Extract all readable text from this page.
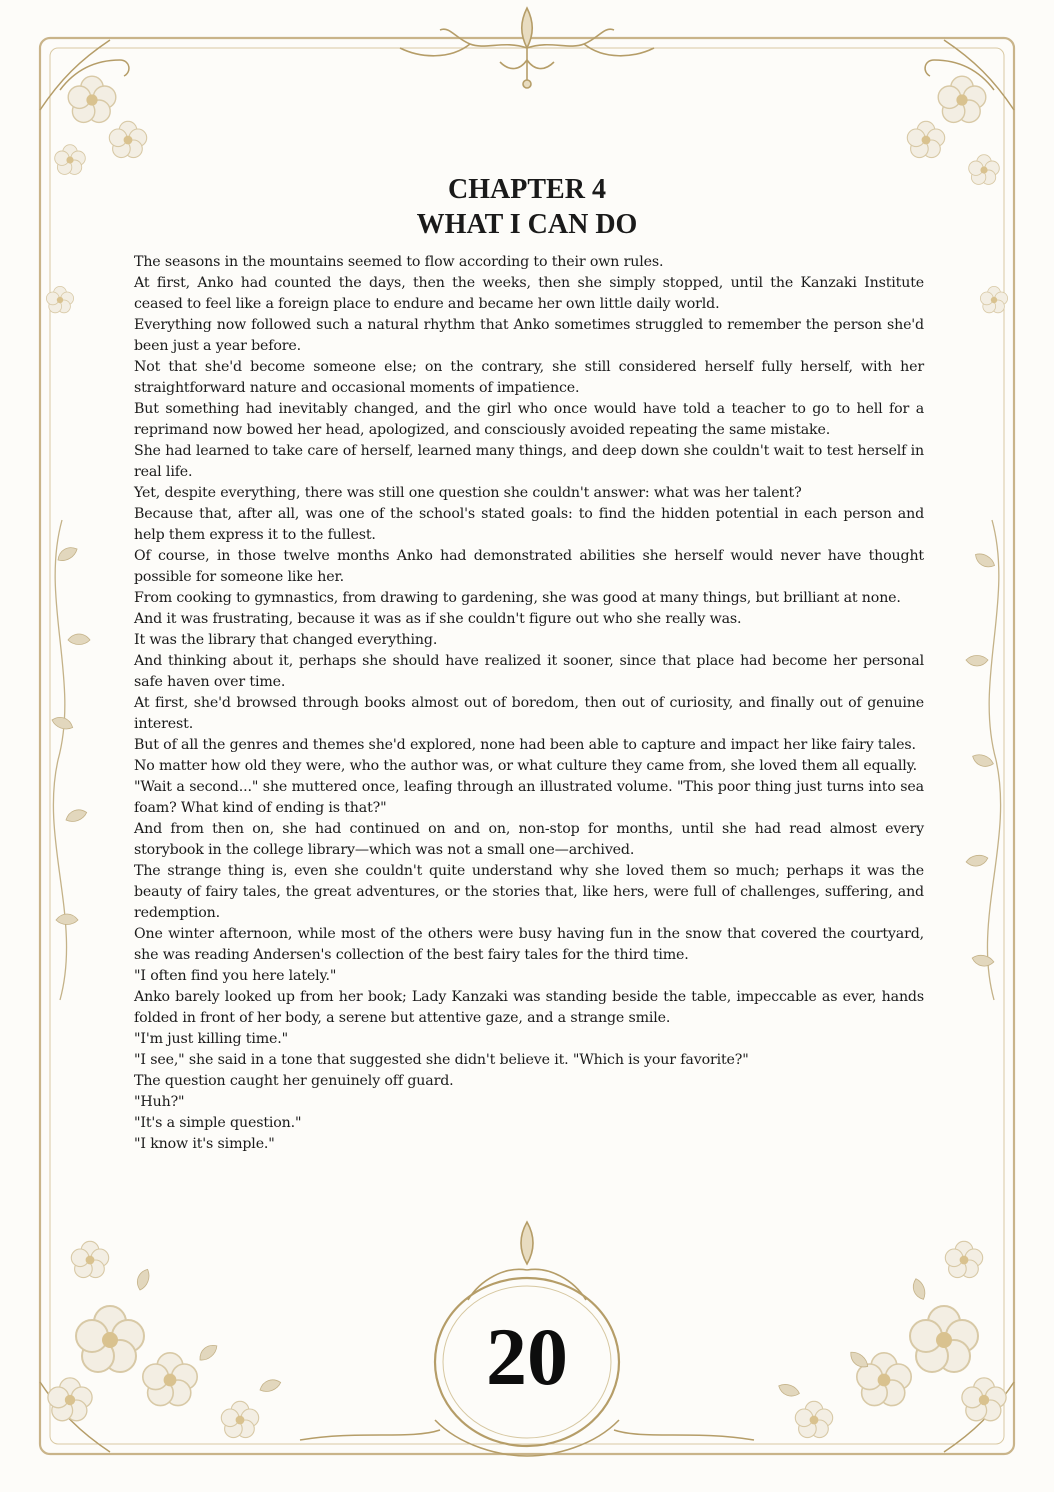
CHAPTER 4
WHAT I CAN DO

The seasons in the mountains seemed to flow according to their own rules.

At first, Anko had counted the days, then the weeks, then she simply stopped, until the Kanzaki Institute ceased to feel like a foreign place to endure and became her own little daily world.

Everything now followed such a natural rhythm that Anko sometimes struggled to remember the person she'd been just a year before.

Not that she'd become someone else; on the contrary, she still considered herself fully herself, with her straightforward nature and occasional moments of impatience.

But something had inevitably changed, and the girl who once would have told a teacher to go to hell for a reprimand now bowed her head, apologized, and consciously avoided repeating the same mistake.

She had learned to take care of herself, learned many things, and deep down she couldn't wait to test herself in real life.

Yet, despite everything, there was still one question she couldn't answer: what was her talent?

Because that, after all, was one of the school's stated goals: to find the hidden potential in each person and help them express it to the fullest.

Of course, in those twelve months Anko had demonstrated abilities she herself would never have thought possible for someone like her.

From cooking to gymnastics, from drawing to gardening, she was good at many things, but brilliant at none.

And it was frustrating, because it was as if she couldn't figure out who she really was.

It was the library that changed everything.

And thinking about it, perhaps she should have realized it sooner, since that place had become her personal safe haven over time.

At first, she'd browsed through books almost out of boredom, then out of curiosity, and finally out of genuine interest.

But of all the genres and themes she'd explored, none had been able to capture and impact her like fairy tales.

No matter how old they were, who the author was, or what culture they came from, she loved them all equally.

"Wait a second..." she muttered once, leafing through an illustrated volume. "This poor thing just turns into sea foam? What kind of ending is that?"

And from then on, she had continued on and on, non-stop for months, until she had read almost every storybook in the college library—which was not a small one—archived.

The strange thing is, even she couldn't quite understand why she loved them so much; perhaps it was the beauty of fairy tales, the great adventures, or the stories that, like hers, were full of challenges, suffering, and redemption.

One winter afternoon, while most of the others were busy having fun in the snow that covered the courtyard, she was reading Andersen's collection of the best fairy tales for the third time.

"I often find you here lately."

Anko barely looked up from her book; Lady Kanzaki was standing beside the table, impeccable as ever, hands folded in front of her body, a serene but attentive gaze, and a strange smile.

"I'm just killing time."

"I see," she said in a tone that suggested she didn't believe it. "Which is your favorite?"

The question caught her genuinely off guard.

"Huh?"

"It's a simple question."

"I know it's simple."

20
